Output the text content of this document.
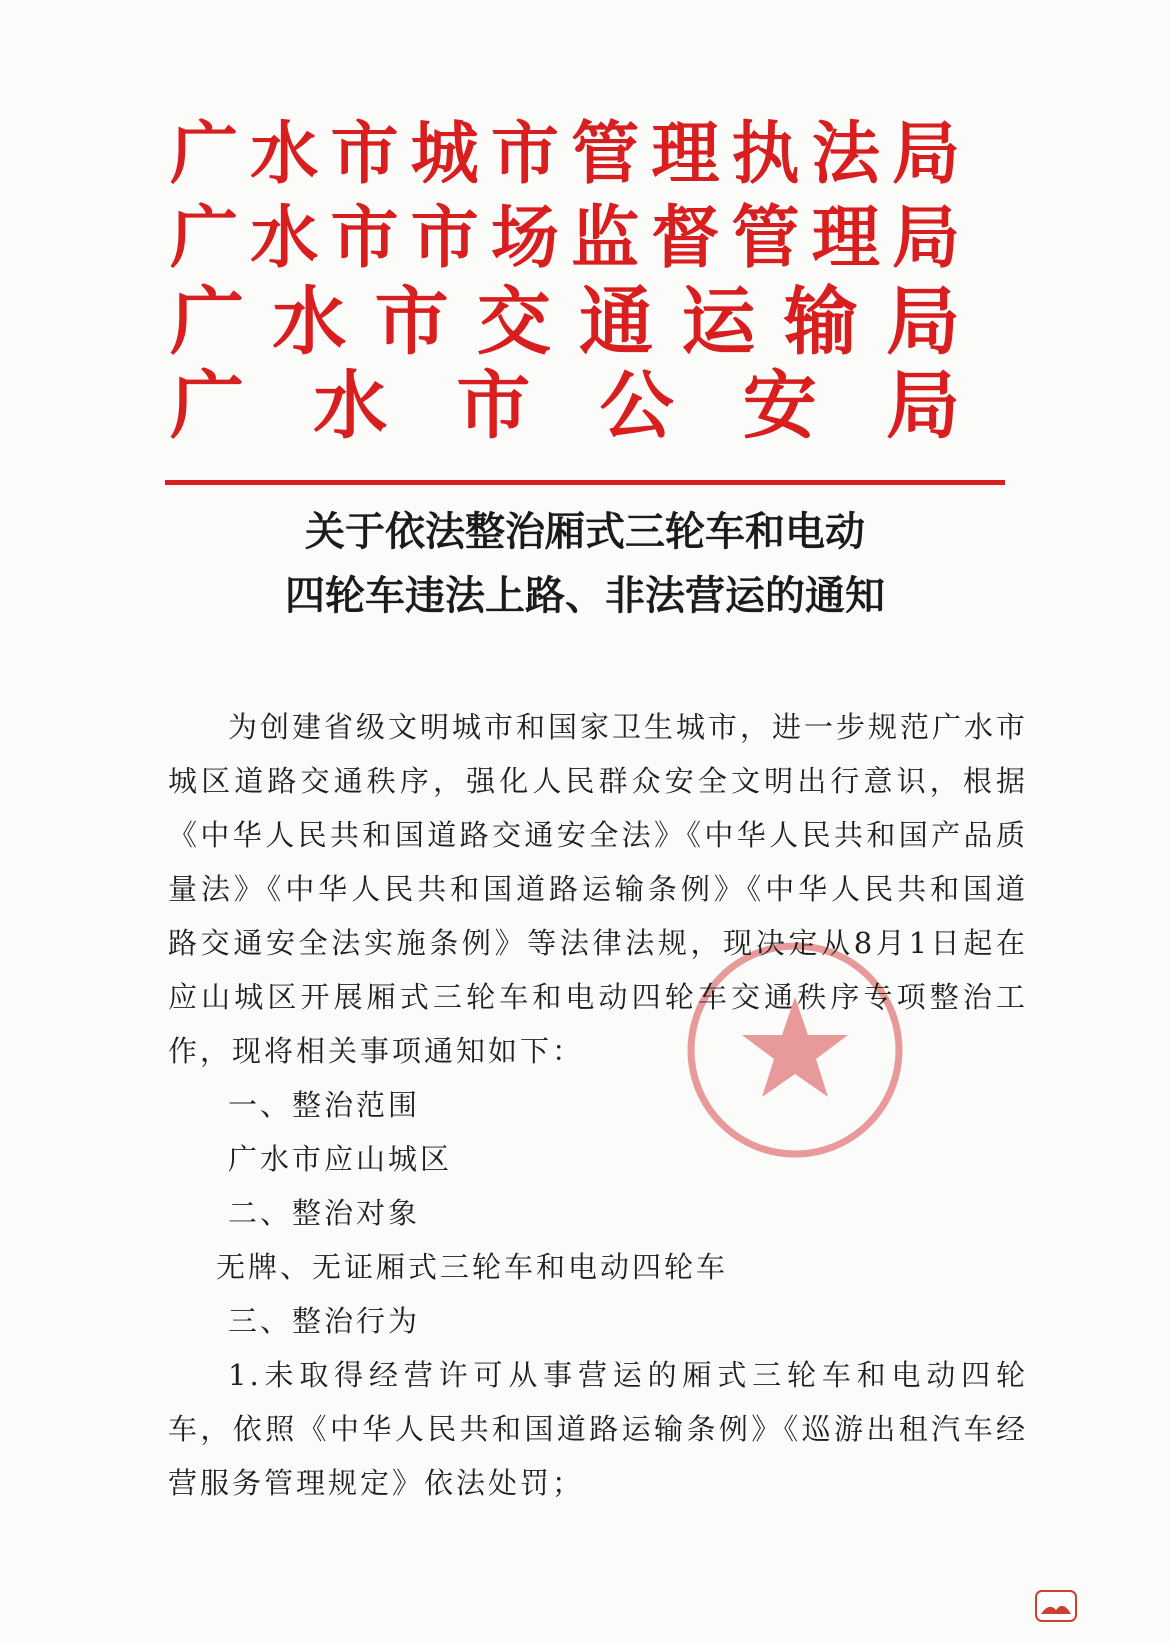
广 水 市 城 市 管 理 执 法 局
广 水 市 市 场 监 督 管 理 局
广 水 市 交 通 运 输 局
广 水 市 公 安 局
关于依法整治厢式三轮车和电动
四轮车违法上路、非法营运的通知

为创建省级文明城市和国家卫生城市，进一步规范广水市城区道路交通秩序，强化人民群众安全文明出行意识，根据《中华人民共和国道路交通安全法》《中华人民共和国产品质量法》《中华人民共和国道路运输条例》《中华人民共和国道路交通安全法实施条例》等法律法规，现决定从8月1日起在应山城区开展厢式三轮车和电动四轮车交通秩序专项整治工作，现将相关事项通知如下：

一、整治范围

广水市应山城区

二、整治对象

无牌、无证厢式三轮车和电动四轮车

三、整治行为

1.未取得经营许可从事营运的厢式三轮车和电动四轮车，依照《中华人民共和国道路运输条例》《巡游出租汽车经营服务管理规定》依法处罚；
